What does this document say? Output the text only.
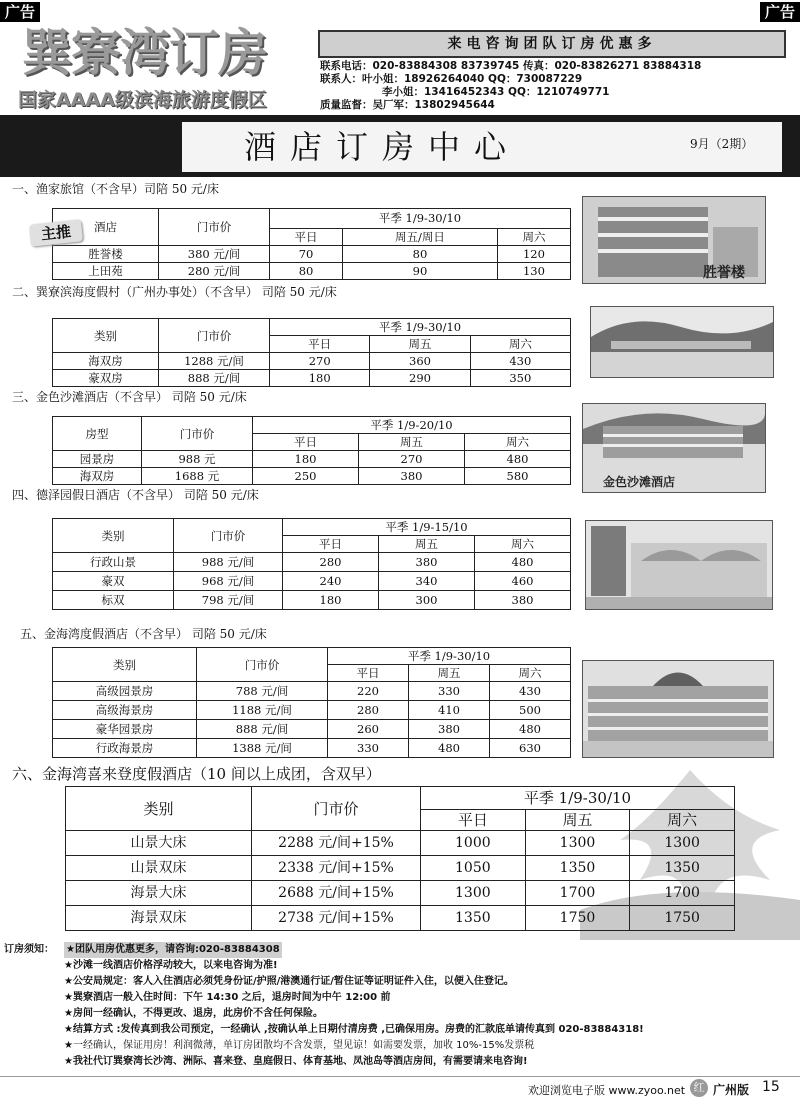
广告	广告
巽寮湾订房
国家AAAA级滨海旅游度假区
来电咨询团队订房优惠多
联系电话：020-83884308 83739745 传真：020-83826271 83884318
联系人：叶小姐：18926264040 QQ：730087229
李小姐：13416452343 QQ：1210749771
质量监督：吴厂军：13802945644
酒店订房中心	9月（2期）
一、渔家旅馆（不含早）司陪 50 元/床
酒店	门市价	平季 1/9-30/10		
		平日	周五/周日	周六
胜誉楼	380 元/间	70	80	120
上田苑	280 元/间	80	90	130
主推
胜誉楼
二、巽寮滨海度假村（广州办事处）（不含早） 司陪 50 元/床
类别	门市价	平季 1/9-30/10		
		平日	周五	周六
海双房	1288 元/间	270	360	430
豪双房	888 元/间	180	290	350
三、金色沙滩酒店（不含早） 司陪 50 元/床
房型	门市价	平季 1/9-20/10		
		平日	周五	周六
园景房	988 元	180	270	480
海双房	1688 元	250	380	580	金色沙滩酒店
四、德泽园假日酒店（不含早） 司陪 50 元/床
类别	门市价	平季 1/9-15/10		
		平日	周五	周六
行政山景	988 元/间	280	380	480
豪双	968 元/间	240	340	460
标双	798 元/间	180	300	380
五、金海湾度假酒店（不含早） 司陪 50 元/床
类别	门市价	平季 1/9-30/10		
		平日	周五	周六
高级园景房	788 元/间	220	330	430
高级海景房	1188 元/间	280	410	500
豪华园景房	888 元/间	260	380	480
行政海景房	1388 元/间	330	480	630
六、金海湾喜来登度假酒店（10 间以上成团，含双早）
类别	门市价	平季 1/9-30/10		
		平日	周五	周六
山景大床	2288 元/间+15%	1000	1300	1300
山景双床	2338 元/间+15%	1050	1350	1350
海景大床	2688 元/间+15%	1300	1700	1700
海景双床	2738 元/间+15%	1350	1750	1750
订房须知： ★团队用房优惠更多，请咨询:020-83884308
★沙滩一线酒店价格浮动较大，以来电咨询为准!
★公安局规定：客人入住酒店必须凭身份证/护照/港澳通行证/暂住证等证明证件入住，以便入住登记。
★巽寮酒店一般入住时间：下午 14:30 之后，退房时间为中午 12:00 前
★房间一经确认，不得更改、退房，此房价不含任何保险。
★结算方式 :发传真到我公司预定，一经确认 ,按确认单上日期付清房费 ,已确保用房。房费的汇款底单请传真到 020-83884318!
★一经确认，保证用房！利润微薄，单订房团散均不含发票，望见谅！如需要发票，加收 10%-15%发票税
★我社代订巽寮湾长沙湾、洲际、喜来登、皇庭假日、体育基地、凤池岛等酒店房间，有需要请来电咨询!
欢迎浏览电子版 www.zyoo.net 红 广州版 15
